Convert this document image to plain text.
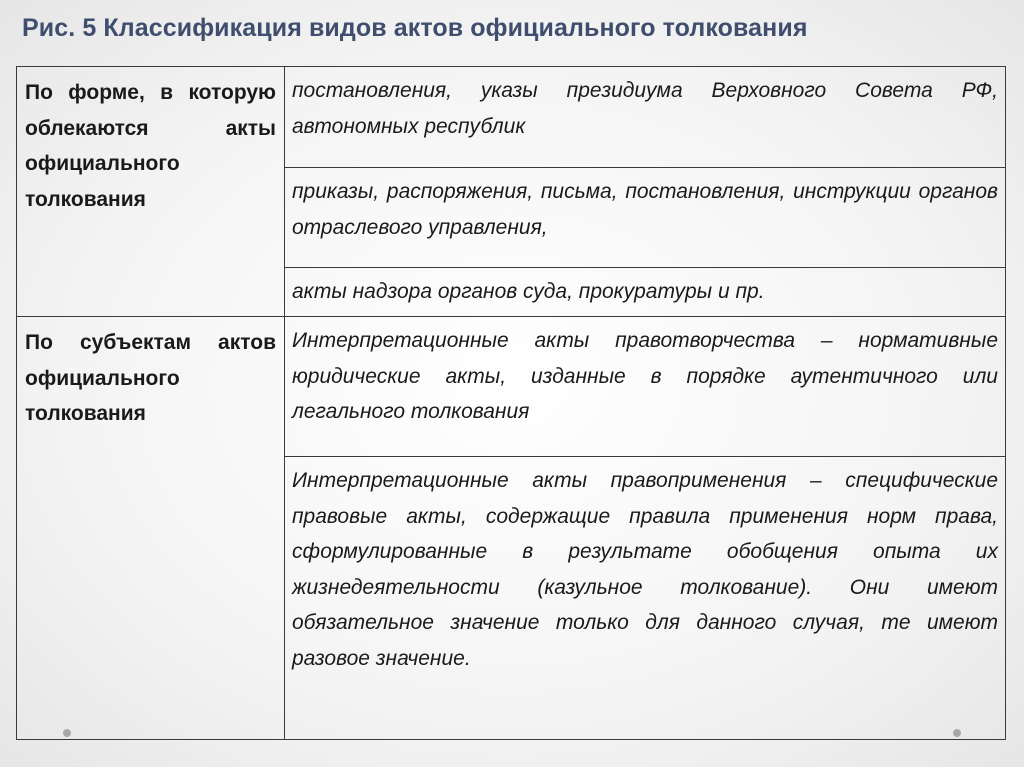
Рис. 5 Классификация видов актов официального толкования
По форме, в которую облекаются акты официального толкования
постановления, указы президиума Верховного Совета РФ, автономных республик
приказы, распоряжения, письма, постановления, инструкции органов отраслевого управления,
акты надзора органов суда, прокуратуры и пр.
По субъектам актов официального толкования
Интерпретационные акты правотворчества – нормативные юридические акты, изданные в порядке аутентичного или легального толкования
Интерпретационные акты правоприменения – специфические правовые акты, содержащие правила применения норм права, сформулированные в результате обобщения опыта их жизнедеятельности (казульное толкование). Они имеют обязательное значение только для данного случая, те имеют разовое значение.
